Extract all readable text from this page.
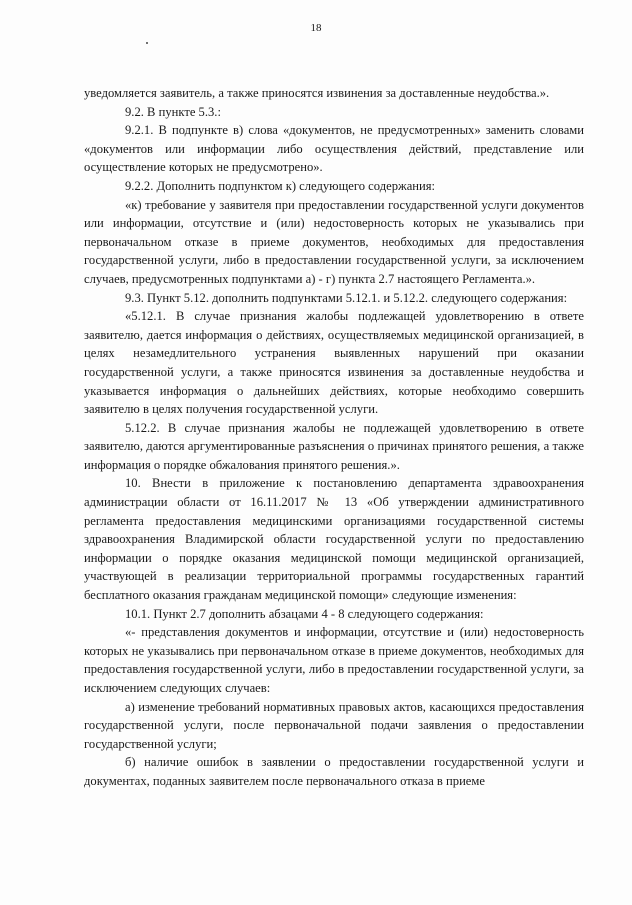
18

уведомляется заявитель, а также приносятся извинения за доставленные неудобства.».

9.2. В пункте 5.3.:

9.2.1. В подпункте в) слова «документов, не предусмотренных» заменить словами «документов или информации либо осуществления действий, представление или осуществление которых не предусмотрено».

9.2.2. Дополнить подпунктом к) следующего содержания:

«к) требование у заявителя при предоставлении государственной услуги документов или информации, отсутствие и (или) недостоверность которых не указывались при первоначальном отказе в приеме документов, необходимых для предоставления государственной услуги, либо в предоставлении государственной услуги, за исключением случаев, предусмотренных подпунктами а) - г) пункта 2.7 настоящего Регламента.».

9.3. Пункт 5.12. дополнить подпунктами 5.12.1. и 5.12.2. следующего содержания:

«5.12.1. В случае признания жалобы подлежащей удовлетворению в ответе заявителю, дается информация о действиях, осуществляемых медицинской организацией, в целях незамедлительного устранения выявленных нарушений при оказании государственной услуги, а также приносятся извинения за доставленные неудобства и указывается информация о дальнейших действиях, которые необходимо совершить заявителю в целях получения государственной услуги.

5.12.2. В случае признания жалобы не подлежащей удовлетворению в ответе заявителю, даются аргументированные разъяснения о причинах принятого решения, а также информация о порядке обжалования принятого решения.».

10. Внести в приложение к постановлению департамента здравоохранения администрации области от 16.11.2017 № 13 «Об утверждении административного регламента предоставления медицинскими организациями государственной системы здравоохранения Владимирской области государственной услуги по предоставлению информации о порядке оказания медицинской помощи медицинской организацией, участвующей в реализации территориальной программы государственных гарантий бесплатного оказания гражданам медицинской помощи» следующие изменения:

10.1. Пункт 2.7 дополнить абзацами 4 - 8 следующего содержания:

«- представления документов и информации, отсутствие и (или) недостоверность которых не указывались при первоначальном отказе в приеме документов, необходимых для предоставления государственной услуги, либо в предоставлении государственной услуги, за исключением следующих случаев:

а) изменение требований нормативных правовых актов, касающихся предоставления государственной услуги, после первоначальной подачи заявления о предоставлении государственной услуги;

б) наличие ошибок в заявлении о предоставлении государственной услуги и документах, поданных заявителем после первоначального отказа в приеме
